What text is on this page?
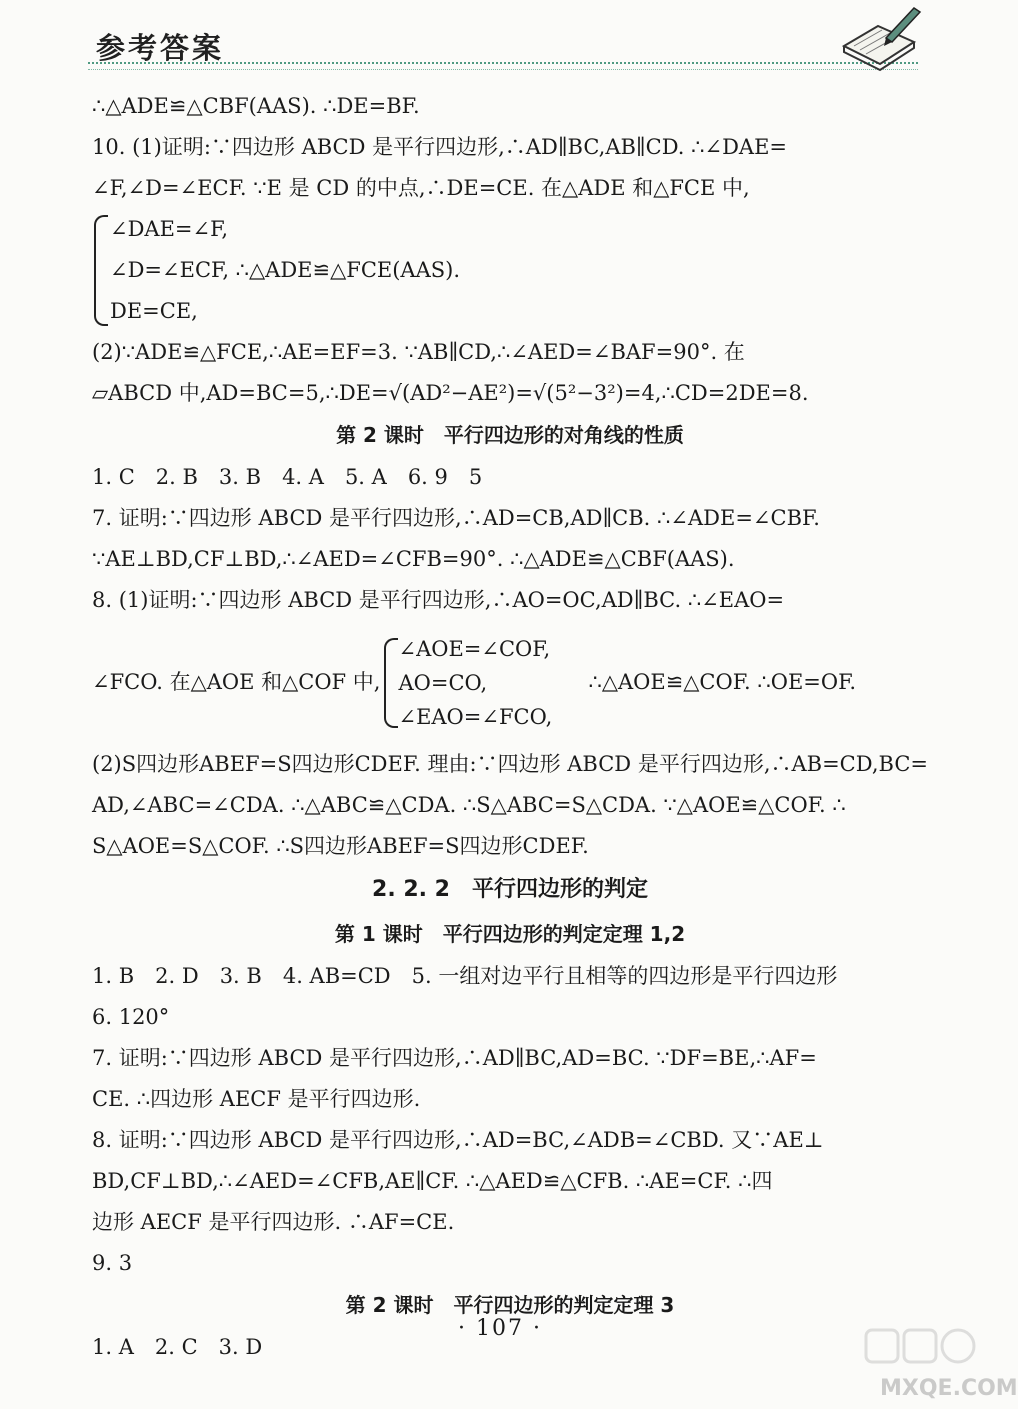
参考答案
∴△ADE≌△CBF(AAS). ∴DE=BF.
10. (1)证明:∵四边形 ABCD 是平行四边形,∴AD∥BC,AB∥CD. ∴∠DAE=
∠F,∠D=∠ECF. ∵E 是 CD 的中点,∴DE=CE. 在△ADE 和△FCE 中,
∠DAE=∠F,
∠D=∠ECF, ∴△ADE≌△FCE(AAS).
DE=CE,
(2)∵ADE≌△FCE,∴AE=EF=3. ∵AB∥CD,∴∠AED=∠BAF=90°. 在
▱ABCD 中,AD=BC=5,∴DE=√(AD²−AE²)=√(5²−3²)=4,∴CD=2DE=8.
第 2 课时　平行四边形的对角线的性质
1. C　2. B　3. B　4. A　5. A　6. 9　5
7. 证明:∵四边形 ABCD 是平行四边形,∴AD=CB,AD∥CB. ∴∠ADE=∠CBF.
∵AE⊥BD,CF⊥BD,∴∠AED=∠CFB=90°. ∴△ADE≌△CBF(AAS).
8. (1)证明:∵四边形 ABCD 是平行四边形,∴AO=OC,AD∥BC. ∴∠EAO=
∠FCO. 在△AOE 和△COF 中,
∠AOE=∠COF,
AO=CO,
∠EAO=∠FCO,
∴△AOE≌△COF. ∴OE=OF.
(2)S四边形ABEF=S四边形CDEF. 理由:∵四边形 ABCD 是平行四边形,∴AB=CD,BC=
AD,∠ABC=∠CDA. ∴△ABC≌△CDA. ∴S△ABC=S△CDA. ∵△AOE≌△COF. ∴
S△AOE=S△COF. ∴S四边形ABEF=S四边形CDEF.
2. 2. 2　平行四边形的判定
第 1 课时　平行四边形的判定定理 1,2
1. B　2. D　3. B　4. AB=CD　5. 一组对边平行且相等的四边形是平行四边形
6. 120°
7. 证明:∵四边形 ABCD 是平行四边形,∴AD∥BC,AD=BC. ∵DF=BE,∴AF=
CE. ∴四边形 AECF 是平行四边形.
8. 证明:∵四边形 ABCD 是平行四边形,∴AD=BC,∠ADB=∠CBD. 又∵AE⊥
BD,CF⊥BD,∴∠AED=∠CFB,AE∥CF. ∴△AED≌△CFB. ∴AE=CF. ∴四
边形 AECF 是平行四边形. ∴AF=CE.
9. 3
第 2 课时　平行四边形的判定定理 3
1. A　2. C　3. D
· 107 ·
MXQE.COM
